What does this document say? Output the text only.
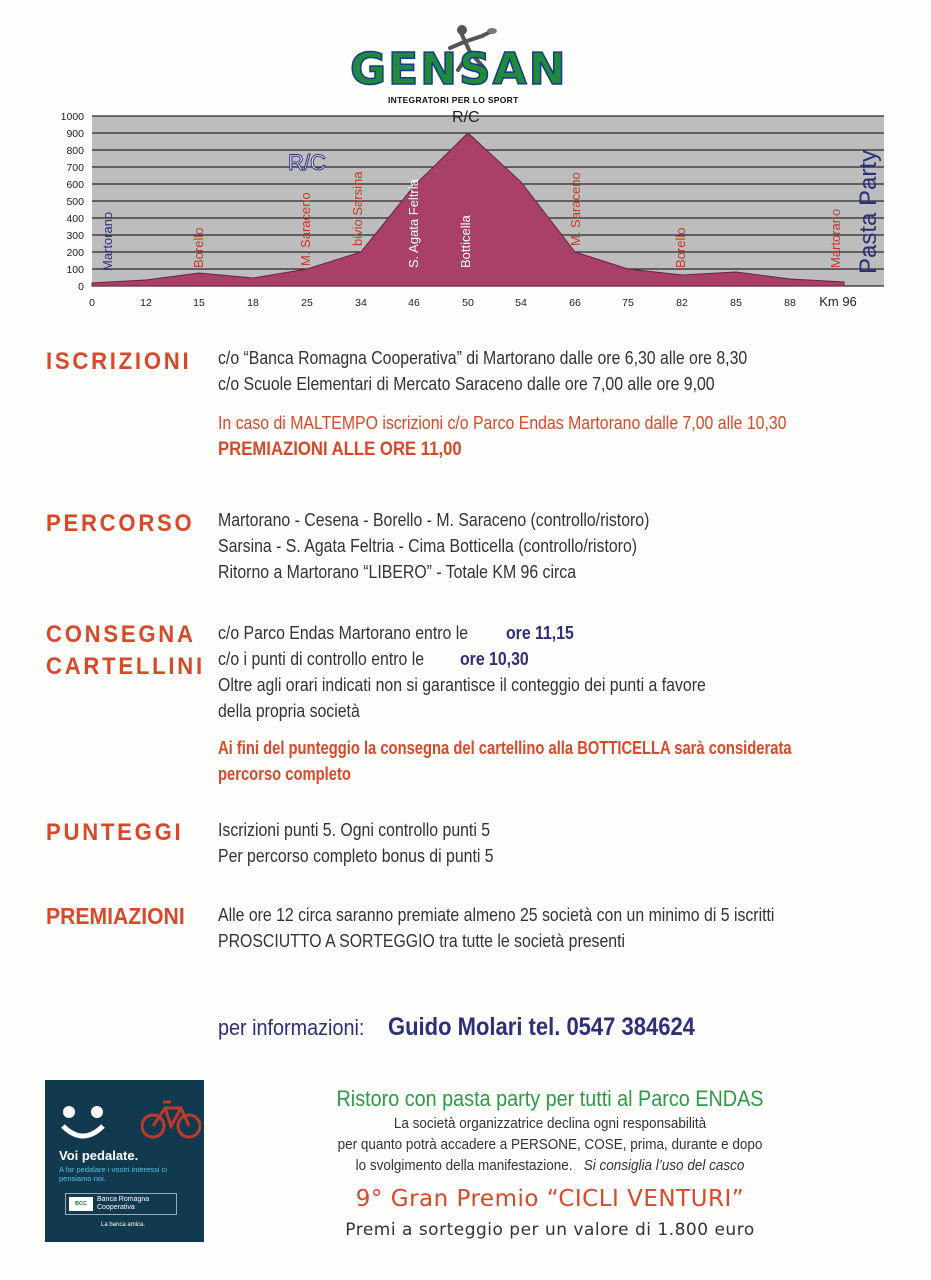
GENSAN
INTEGRATORI PER LO SPORT
1000
900
800
700
600
500
400
300
200
100
0
0	12	15	18	25	34	46	50	54	66	75	82	85	88 Km 96
Martorano	Borello	M. Saraceno	bivio Sarsina	S. Agata Feltria	Botticella	M. Saraceno
Borello	Martorano
R/C
R/C
Pasta Party
ISCRIZIONI c/o “Banca Romagna Cooperativa” di Martorano dalle ore 6,30 alle ore 8,30
c/o Scuole Elementari di Mercato Saraceno dalle ore 7,00 alle ore 9,00
In caso di MALTEMPO iscrizioni c/o Parco Endas Martorano dalle 7,00 alle 10,30
PREMIAZIONI ALLE ORE 11,00
PERCORSO Martorano - Cesena - Borello - M. Saraceno (controllo/ristoro)
Sarsina - S. Agata Feltria - Cima Botticella (controllo/ristoro)
Ritorno a Martorano “LIBERO” - Totale KM 96 circa
CONSEGNA
CARTELLINI
c/o Parco Endas Martorano entro le ore 11,15
c/o i punti di controllo entro le ore 10,30
Oltre agli orari indicati non si garantisce il conteggio dei punti a favore
della propria società
Ai fini del punteggio la consegna del cartellino alla BOTTICELLA sarà considerata
percorso completo
PUNTEGGI Iscrizioni punti 5. Ogni controllo punti 5
Per percorso completo bonus di punti 5
PREMIAZIONI Alle ore 12 circa saranno premiate almeno 25 società con un minimo di 5 iscritti
PROSCIUTTO A SORTEGGIO tra tutte le società presenti
per informazioni: Guido Molari tel. 0547 384624
Voi pedalate.
A far pedalare i vostri interessi ci pensiamo noi.
BCC
Banca Romagna Cooperativa
La banca amica.
Ristoro con pasta party per tutti al Parco ENDAS
La società organizzatrice declina ogni responsabilità
per quanto potrà accadere a PERSONE, COSE, prima, durante e dopo
lo svolgimento della manifestazione. Si consiglia l’uso del casco
9° Gran Premio “CICLI VENTURI”
Premi a sorteggio per un valore di 1.800 euro
